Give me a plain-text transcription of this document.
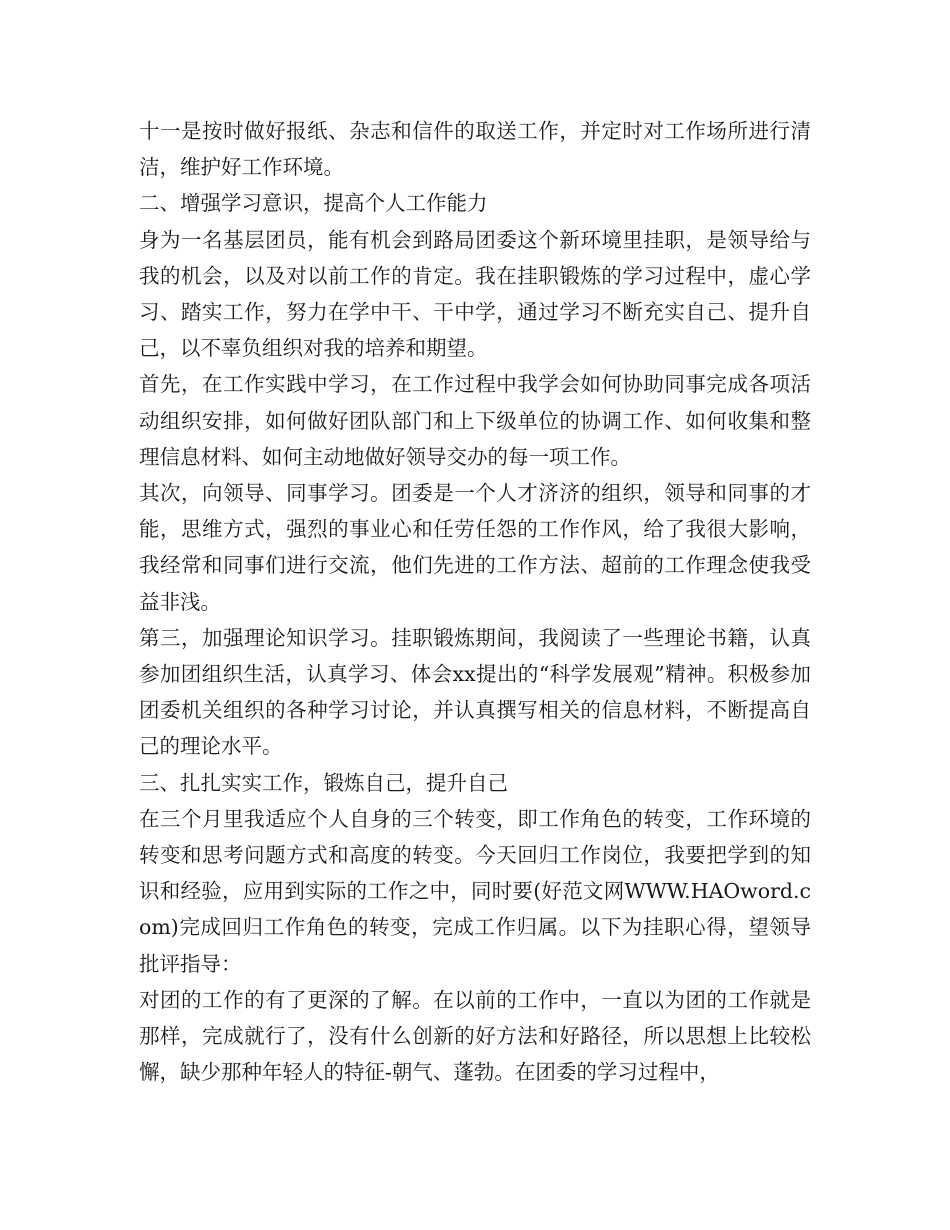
十一是按时做好报纸、杂志和信件的取送工作，并定时对工作场所进行清洁，维护好工作环境。

二、增强学习意识，提高个人工作能力

身为一名基层团员，能有机会到路局团委这个新环境里挂职，是领导给与我的机会，以及对以前工作的肯定。我在挂职锻炼的学习过程中，虚心学习、踏实工作，努力在学中干、干中学，通过学习不断充实自己、提升自己，以不辜负组织对我的培养和期望。

首先，在工作实践中学习，在工作过程中我学会如何协助同事完成各项活动组织安排，如何做好团队部门和上下级单位的协调工作、如何收集和整理信息材料、如何主动地做好领导交办的每一项工作。

其次，向领导、同事学习。团委是一个人才济济的组织，领导和同事的才能，思维方式，强烈的事业心和任劳任怨的工作作风，给了我很大影响，我经常和同事们进行交流，他们先进的工作方法、超前的工作理念使我受益非浅。

第三，加强理论知识学习。挂职锻炼期间，我阅读了一些理论书籍，认真参加团组织生活，认真学习、体会xx提出的“科学发展观”精神。积极参加团委机关组织的各种学习讨论，并认真撰写相关的信息材料，不断提高自己的理论水平。

三、扎扎实实工作，锻炼自己，提升自己

在三个月里我适应个人自身的三个转变，即工作角色的转变，工作环境的转变和思考问题方式和高度的转变。今天回归工作岗位，我要把学到的知识和经验，应用到实际的工作之中，同时要(好范文网WWW.HAOword.com)完成回归工作角色的转变，完成工作归属。以下为挂职心得，望领导批评指导：

对团的工作的有了更深的了解。在以前的工作中，一直以为团的工作就是那样，完成就行了，没有什么创新的好方法和好路径，所以思想上比较松懈，缺少那种年轻人的特征-朝气、蓬勃。在团委的学习过程中，
